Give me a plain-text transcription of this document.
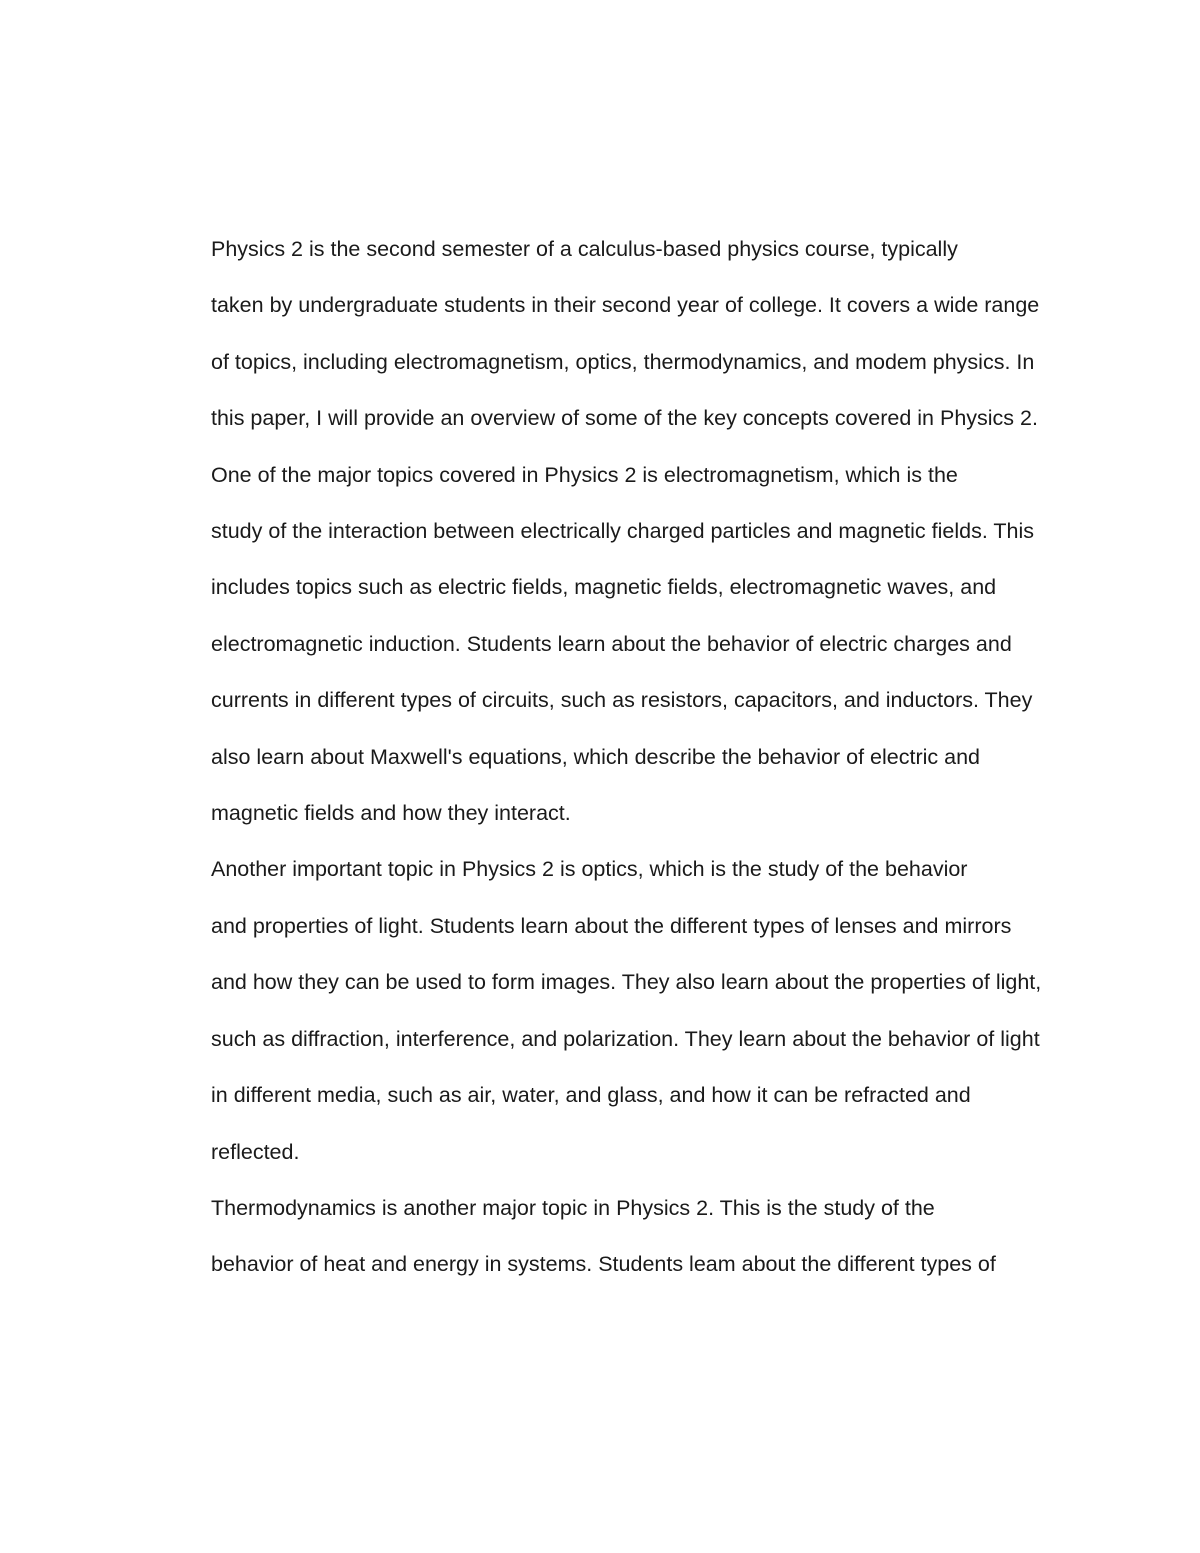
Physics 2 is the second semester of a calculus-based physics course, typically
taken by undergraduate students in their second year of college. It covers a wide range
of topics, including electromagnetism, optics, thermodynamics, and modem physics. In
this paper, I will provide an overview of some of the key concepts covered in Physics 2.

One of the major topics covered in Physics 2 is electromagnetism, which is the
study of the interaction between electrically charged particles and magnetic fields. This
includes topics such as electric fields, magnetic fields, electromagnetic waves, and
electromagnetic induction. Students learn about the behavior of electric charges and
currents in different types of circuits, such as resistors, capacitors, and inductors. They
also learn about Maxwell's equations, which describe the behavior of electric and
magnetic fields and how they interact.

Another important topic in Physics 2 is optics, which is the study of the behavior
and properties of light. Students learn about the different types of lenses and mirrors
and how they can be used to form images. They also learn about the properties of light,
such as diffraction, interference, and polarization. They learn about the behavior of light
in different media, such as air, water, and glass, and how it can be refracted and
reflected.

Thermodynamics is another major topic in Physics 2. This is the study of the
behavior of heat and energy in systems. Students leam about the different types of
